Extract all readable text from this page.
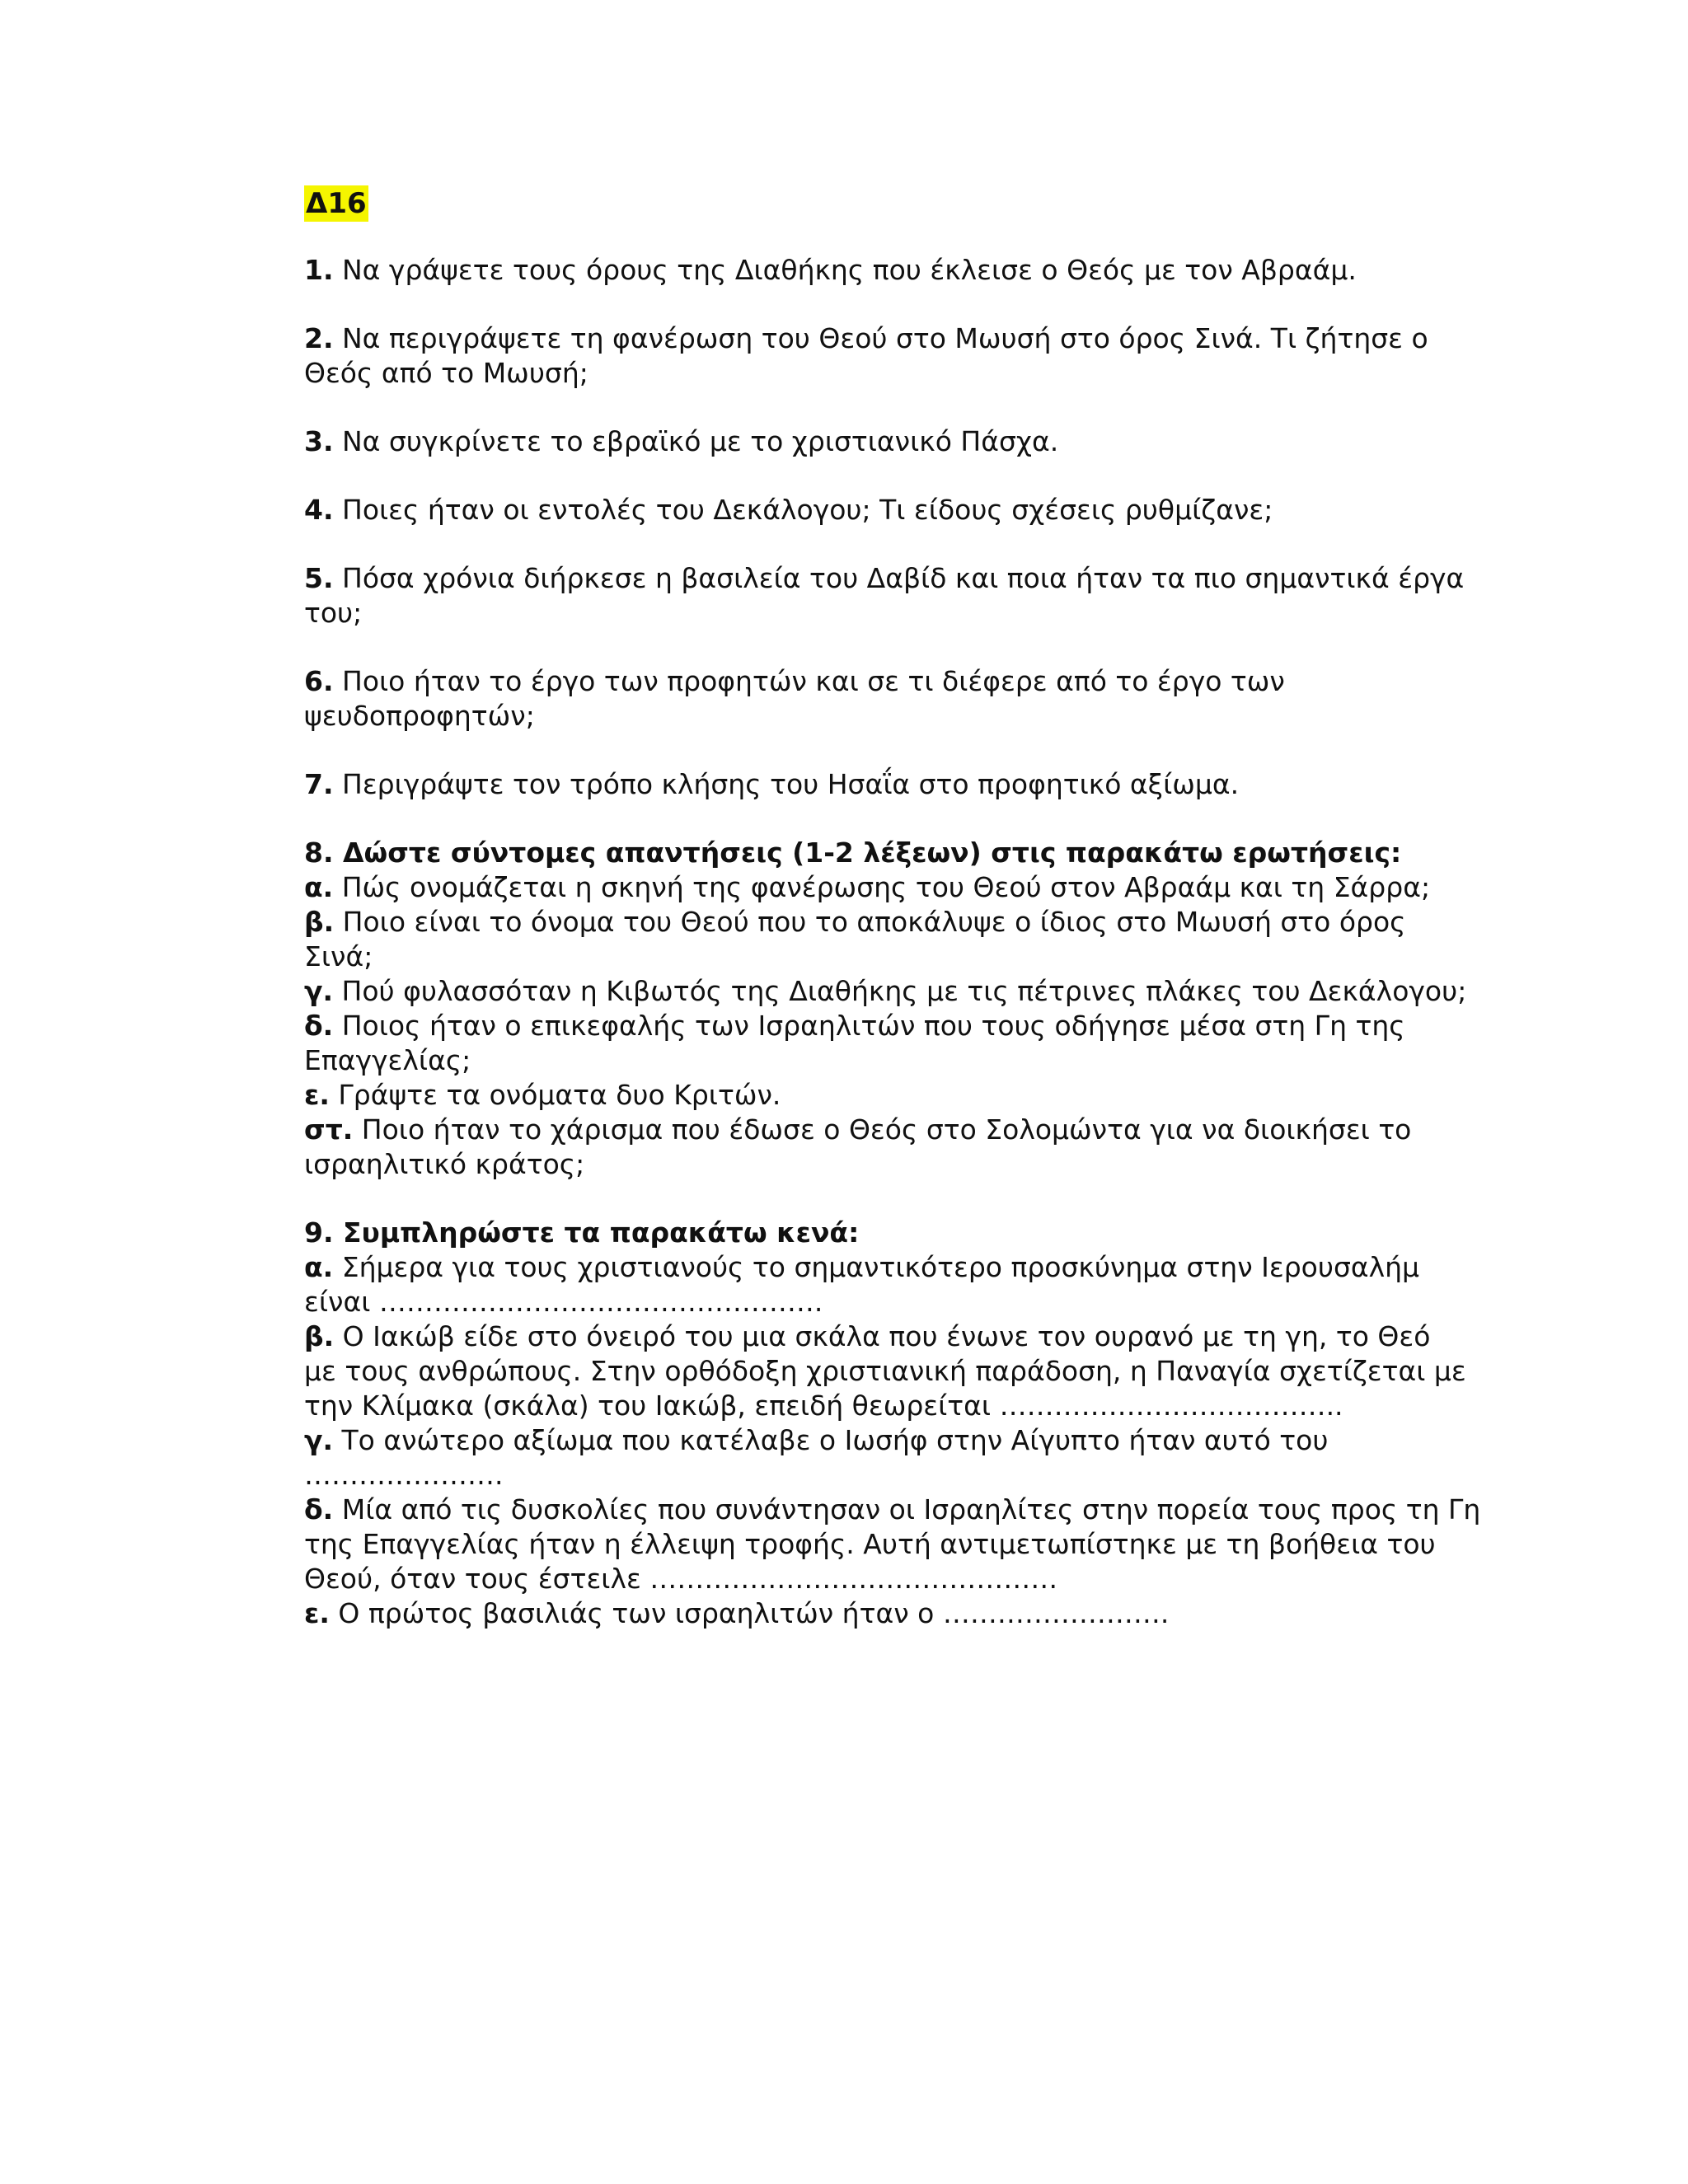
Δ16
1. Να γράψετε τους όρους της Διαθήκης που έκλεισε ο Θεός με τον Αβραάμ.
2. Να περιγράψετε τη φανέρωση του Θεού στο Μωυσή στο όρος Σινά. Τι ζήτησε ο
Θεός από το Μωυσή;
3. Να συγκρίνετε το εβραϊκό με το χριστιανικό Πάσχα.
4. Ποιες ήταν οι εντολές του Δεκάλογου; Τι είδους σχέσεις ρυθμίζανε;
5. Πόσα χρόνια διήρκεσε η βασιλεία του Δαβίδ και ποια ήταν τα πιο σημαντικά έργα
του;
6. Ποιο ήταν το έργο των προφητών και σε τι διέφερε από το έργο των
ψευδοπροφητών;
7. Περιγράψτε τον τρόπο κλήσης του Ησαΐα στο προφητικό αξίωμα.
8. Δώστε σύντομες απαντήσεις (1-2 λέξεων) στις παρακάτω ερωτήσεις:
α. Πώς ονομάζεται η σκηνή της φανέρωσης του Θεού στον Αβραάμ και τη Σάρρα;
β. Ποιο είναι το όνομα του Θεού που το αποκάλυψε ο ίδιος στο Μωυσή στο όρος
Σινά;
γ. Πού φυλασσόταν η Κιβωτός της Διαθήκης με τις πέτρινες πλάκες του Δεκάλογου;
δ. Ποιος ήταν ο επικεφαλής των Ισραηλιτών που τους οδήγησε μέσα στη Γη της
Επαγγελίας;
ε. Γράψτε τα ονόματα δυο Κριτών.
στ. Ποιο ήταν το χάρισμα που έδωσε ο Θεός στο Σολομώντα για να διοικήσει το
ισραηλιτικό κράτος;
9. Συμπληρώστε τα παρακάτω κενά:
α. Σήμερα για τους χριστιανούς το σημαντικότερο προσκύνημα στην Ιερουσαλήμ
είναι ………………………………………….
β. Ο Ιακώβ είδε στο όνειρό του μια σκάλα που ένωνε τον ουρανό με τη γη, το Θεό
με τους ανθρώπους. Στην ορθόδοξη χριστιανική παράδοση, η Παναγία σχετίζεται με
την Κλίμακα (σκάλα) του Ιακώβ, επειδή θεωρείται ………………………………..
γ. Το ανώτερο αξίωμα που κατέλαβε ο Ιωσήφ στην Αίγυπτο ήταν αυτό του
………………….
δ. Μία από τις δυσκολίες που συνάντησαν οι Ισραηλίτες στην πορεία τους προς τη Γη
της Επαγγελίας ήταν η έλλειψη τροφής. Αυτή αντιμετωπίστηκε με τη βοήθεια του
Θεού, όταν τους έστειλε ………………………………………
ε. Ο πρώτος βασιλιάς των ισραηλιτών ήταν ο …………………….
